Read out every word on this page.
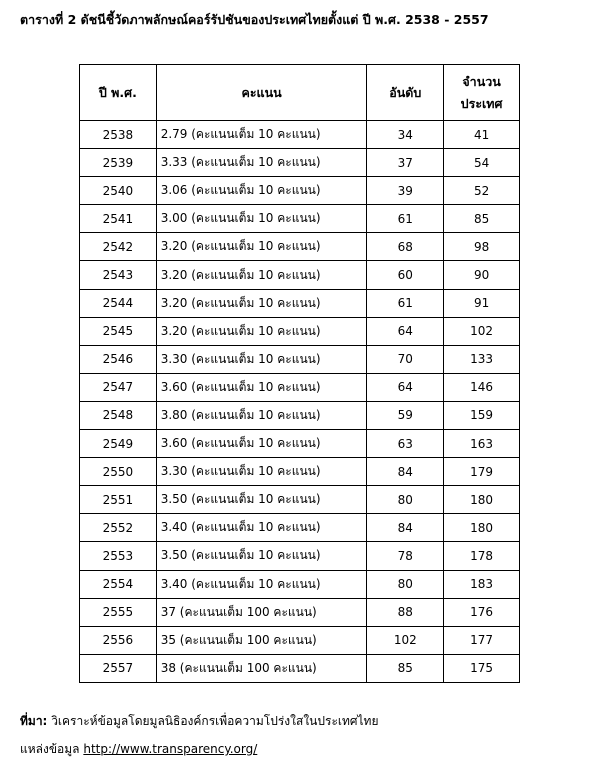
ตารางที่ 2 ดัชนีชี้วัดภาพลักษณ์คอร์รัปชันของประเทศไทยตั้งแต่ ปี พ.ศ. 2538 - 2557
ปี พ.ศ.	คะแนน	อันดับ	จำนวน
ประเทศ
2538	2.79 (คะแนนเต็ม 10 คะแนน)	34	41
2539	3.33 (คะแนนเต็ม 10 คะแนน)	37	54
2540	3.06 (คะแนนเต็ม 10 คะแนน)	39	52
2541	3.00 (คะแนนเต็ม 10 คะแนน)	61	85
2542	3.20 (คะแนนเต็ม 10 คะแนน)	68	98
2543	3.20 (คะแนนเต็ม 10 คะแนน)	60	90
2544	3.20 (คะแนนเต็ม 10 คะแนน)	61	91
2545	3.20 (คะแนนเต็ม 10 คะแนน)	64	102
2546	3.30 (คะแนนเต็ม 10 คะแนน)	70	133
2547	3.60 (คะแนนเต็ม 10 คะแนน)	64	146
2548	3.80 (คะแนนเต็ม 10 คะแนน)	59	159
2549	3.60 (คะแนนเต็ม 10 คะแนน)	63	163
2550	3.30 (คะแนนเต็ม 10 คะแนน)	84	179
2551	3.50 (คะแนนเต็ม 10 คะแนน)	80	180
2552	3.40 (คะแนนเต็ม 10 คะแนน)	84	180
2553	3.50 (คะแนนเต็ม 10 คะแนน)	78	178
2554	3.40 (คะแนนเต็ม 10 คะแนน)	80	183
2555	37 (คะแนนเต็ม 100 คะแนน)	88	176
2556	35 (คะแนนเต็ม 100 คะแนน)	102	177
2557	38 (คะแนนเต็ม 100 คะแนน)	85	175
ที่มา: วิเคราะห์ข้อมูลโดยมูลนิธิองค์กรเพื่อความโปร่งใสในประเทศไทย
แหล่งข้อมูล http://www.transparency.org/
